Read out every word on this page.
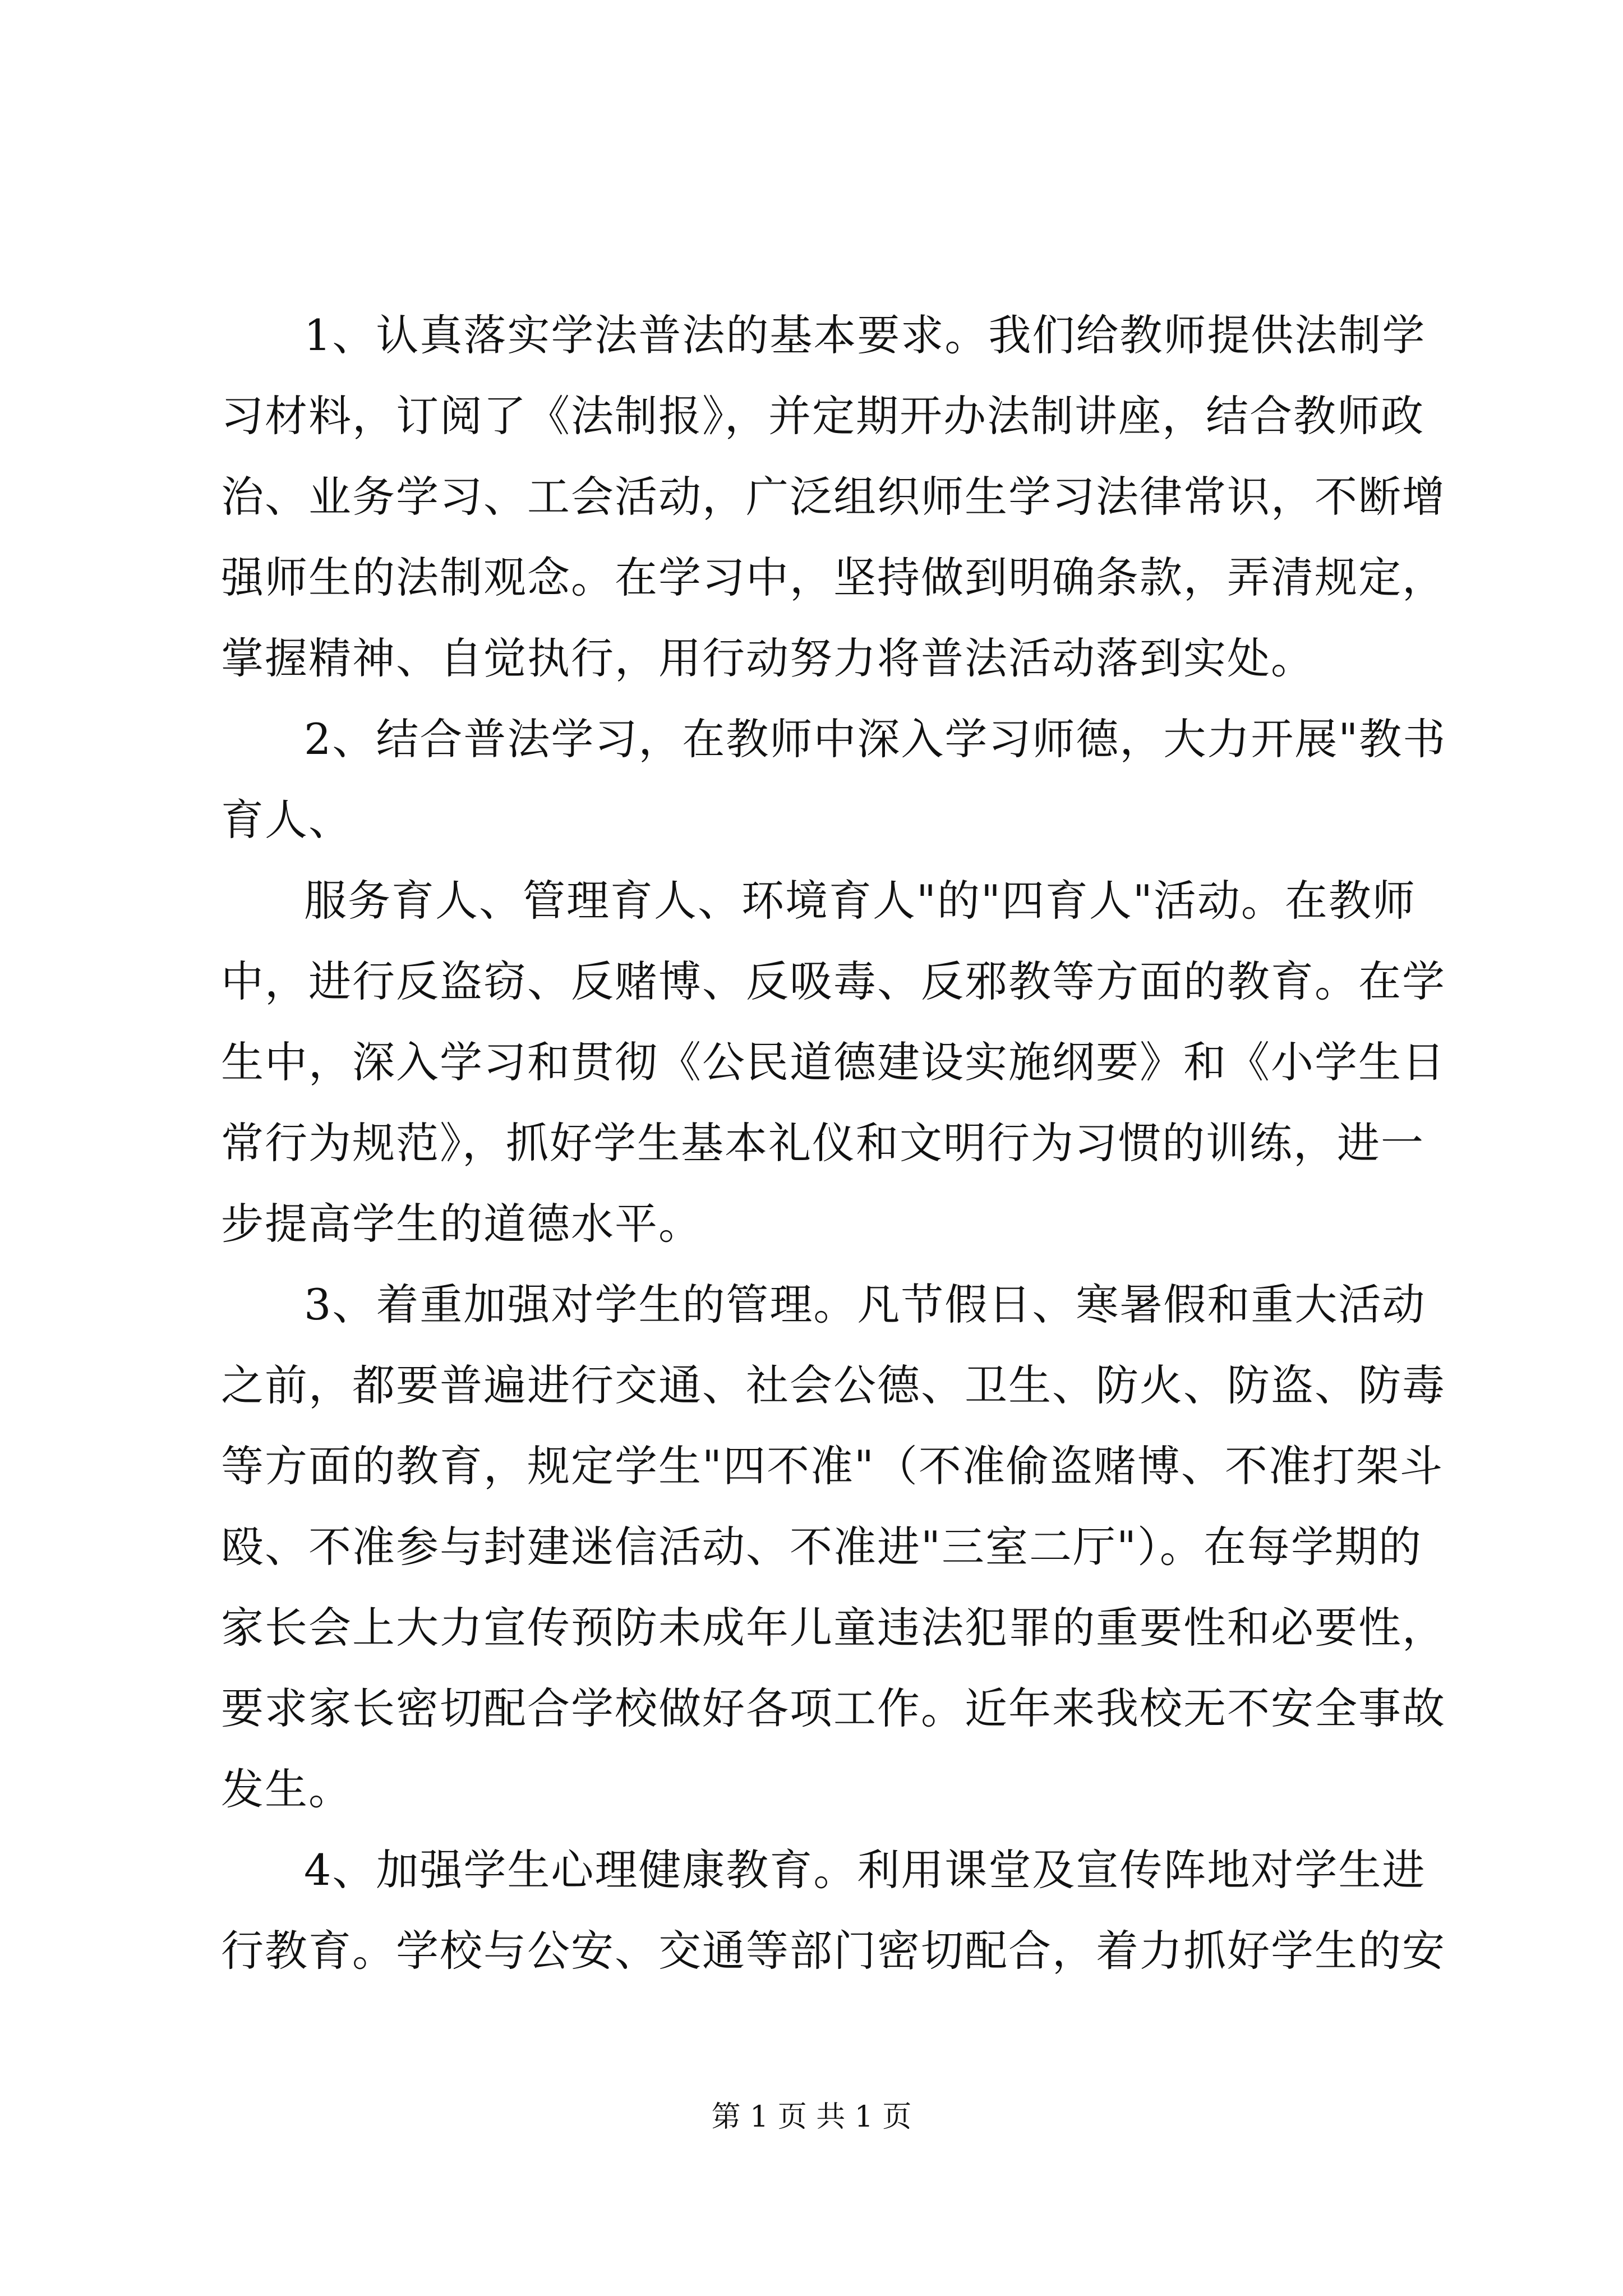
1、认真落实学法普法的基本要求。我们给教师提供法制学
习材料，订阅了《法制报》，并定期开办法制讲座，结合教师政
治、业务学习、工会活动，广泛组织师生学习法律常识，不断增
强师生的法制观念。在学习中，坚持做到明确条款，弄清规定，
掌握精神、自觉执行，用行动努力将普法活动落到实处。
2、结合普法学习，在教师中深入学习师德，大力开展"教书
育人、
服务育人、管理育人、环境育人"的"四育人"活动。在教师
中，进行反盗窃、反赌博、反吸毒、反邪教等方面的教育。在学
生中，深入学习和贯彻《公民道德建设实施纲要》和《小学生日
常行为规范》，抓好学生基本礼仪和文明行为习惯的训练，进一
步提高学生的道德水平。
3、着重加强对学生的管理。凡节假日、寒暑假和重大活动
之前，都要普遍进行交通、社会公德、卫生、防火、防盗、防毒
等方面的教育，规定学生"四不准"（不准偷盗赌博、不准打架斗
殴、不准参与封建迷信活动、不准进"三室二厅"）。在每学期的
家长会上大力宣传预防未成年儿童违法犯罪的重要性和必要性，
要求家长密切配合学校做好各项工作。近年来我校无不安全事故
发生。
4、加强学生心理健康教育。利用课堂及宣传阵地对学生进
行教育。学校与公安、交通等部门密切配合，着力抓好学生的安
第 1 页 共 1 页
